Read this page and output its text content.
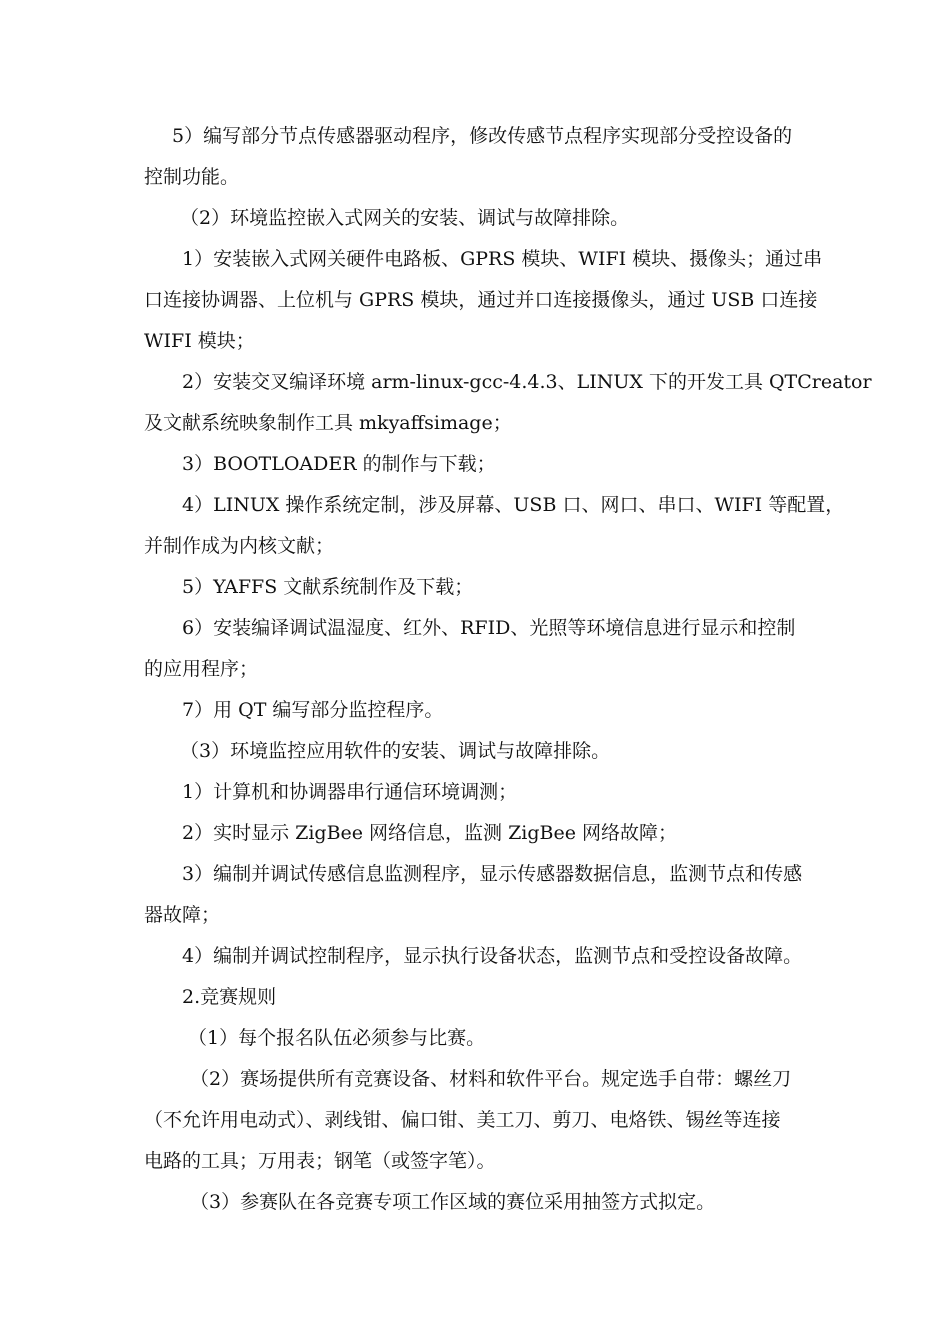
5）编写部分节点传感器驱动程序，修改传感节点程序实现部分受控设备的

控制功能。

（2）环境监控嵌入式网关的安装、调试与故障排除。

1）安装嵌入式网关硬件电路板、GPRS 模块、WIFI 模块、摄像头；通过串

口连接协调器、上位机与 GPRS 模块，通过并口连接摄像头，通过 USB 口连接

WIFI 模块；

2）安装交叉编译环境 arm-linux-gcc-4.4.3、LINUX 下的开发工具 QTCreator

及文献系统映象制作工具 mkyaffsimage；

3）BOOTLOADER 的制作与下载；

4）LINUX 操作系统定制，涉及屏幕、USB 口、网口、串口、WIFI 等配置，

并制作成为内核文献；

5）YAFFS 文献系统制作及下载；

6）安装编译调试温湿度、红外、RFID、光照等环境信息进行显示和控制

的应用程序；

7）用 QT 编写部分监控程序。

（3）环境监控应用软件的安装、调试与故障排除。

1）计算机和协调器串行通信环境调测；

2）实时显示 ZigBee 网络信息，监测 ZigBee 网络故障；

3）编制并调试传感信息监测程序，显示传感器数据信息，监测节点和传感

器故障；

4）编制并调试控制程序，显示执行设备状态，监测节点和受控设备故障。

2.竞赛规则

（1）每个报名队伍必须参与比赛。

（2）赛场提供所有竞赛设备、材料和软件平台。规定选手自带：螺丝刀

（不允许用电动式）、剥线钳、偏口钳、美工刀、剪刀、电烙铁、锡丝等连接

电路的工具；万用表；钢笔（或签字笔）。

（3）参赛队在各竞赛专项工作区域的赛位采用抽签方式拟定。
